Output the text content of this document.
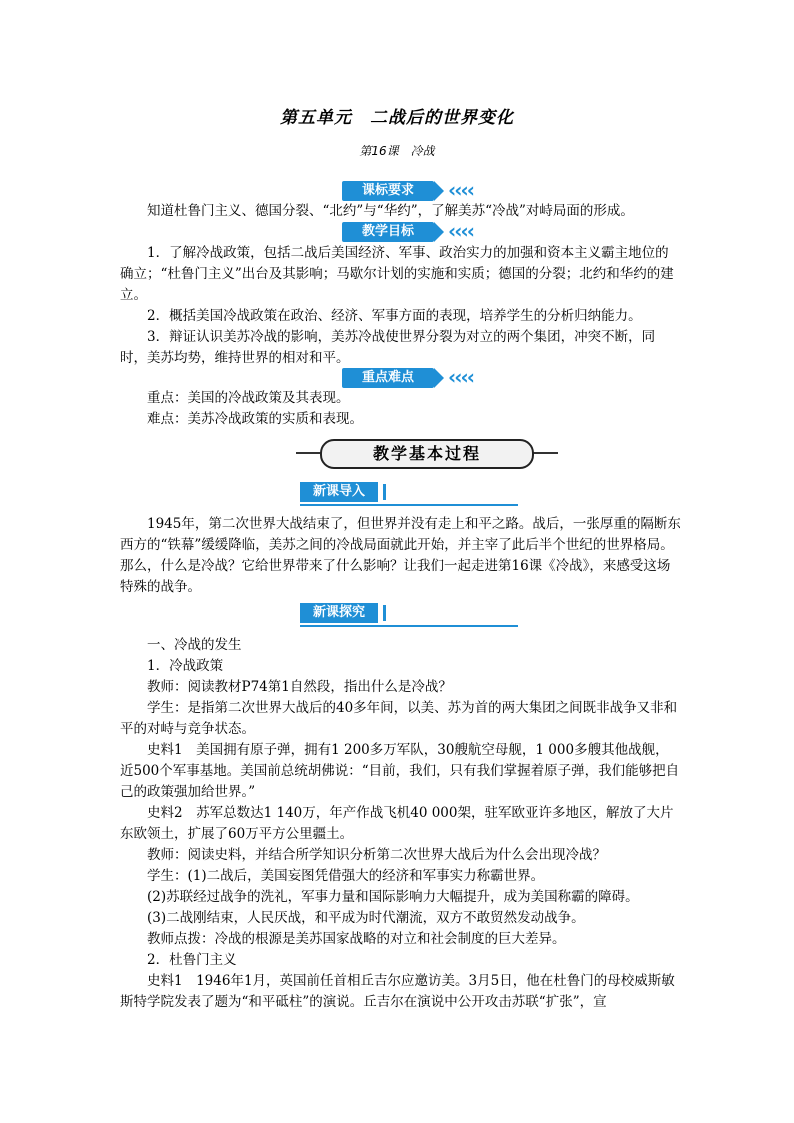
第五单元　二战后的世界变化
第16课　冷战
课标要求	‹‹‹‹
知道杜鲁门主义、德国分裂、“北约”与“华约”，了解美苏“冷战”对峙局面的形成。
教学目标	‹‹‹‹
1．了解冷战政策，包括二战后美国经济、军事、政治实力的加强和资本主义霸主地位的确立；“杜鲁门主义”出台及其影响；马歇尔计划的实施和实质；德国的分裂；北约和华约的建立。
2．概括美国冷战政策在政治、经济、军事方面的表现，培养学生的分析归纳能力。
3．辩证认识美苏冷战的影响，美苏冷战使世界分裂为对立的两个集团，冲突不断，同时，美苏均势，维持世界的相对和平。
重点难点	‹‹‹‹
重点：美国的冷战政策及其表现。
难点：美苏冷战政策的实质和表现。
教学基本过程
新课导入
1945年，第二次世界大战结束了，但世界并没有走上和平之路。战后，一张厚重的隔断东西方的“铁幕”缓缓降临，美苏之间的冷战局面就此开始，并主宰了此后半个世纪的世界格局。那么，什么是冷战？它给世界带来了什么影响？让我们一起走进第16课《冷战》，来感受这场特殊的战争。
新课探究
一、冷战的发生
1．冷战政策
教师：阅读教材P74第1自然段，指出什么是冷战？
学生：是指第二次世界大战后的40多年间，以美、苏为首的两大集团之间既非战争又非和平的对峙与竞争状态。
史料1　美国拥有原子弹，拥有1 200多万军队，30艘航空母舰，1 000多艘其他战舰，近500个军事基地。美国前总统胡佛说：“目前，我们，只有我们掌握着原子弹，我们能够把自己的政策强加给世界。”
史料2　苏军总数达1 140万，年产作战飞机40 000架，驻军欧亚许多地区，解放了大片东欧领土，扩展了60万平方公里疆土。
教师：阅读史料，并结合所学知识分析第二次世界大战后为什么会出现冷战？
学生：(1)二战后，美国妄图凭借强大的经济和军事实力称霸世界。
(2)苏联经过战争的洗礼，军事力量和国际影响力大幅提升，成为美国称霸的障碍。
(3)二战刚结束，人民厌战，和平成为时代潮流，双方不敢贸然发动战争。
教师点拨：冷战的根源是美苏国家战略的对立和社会制度的巨大差异。
2．杜鲁门主义
史料1　1946年1月，英国前任首相丘吉尔应邀访美。3月5日，他在杜鲁门的母校威斯敏斯特学院发表了题为“和平砥柱”的演说。丘吉尔在演说中公开攻击苏联“扩张”，宣
